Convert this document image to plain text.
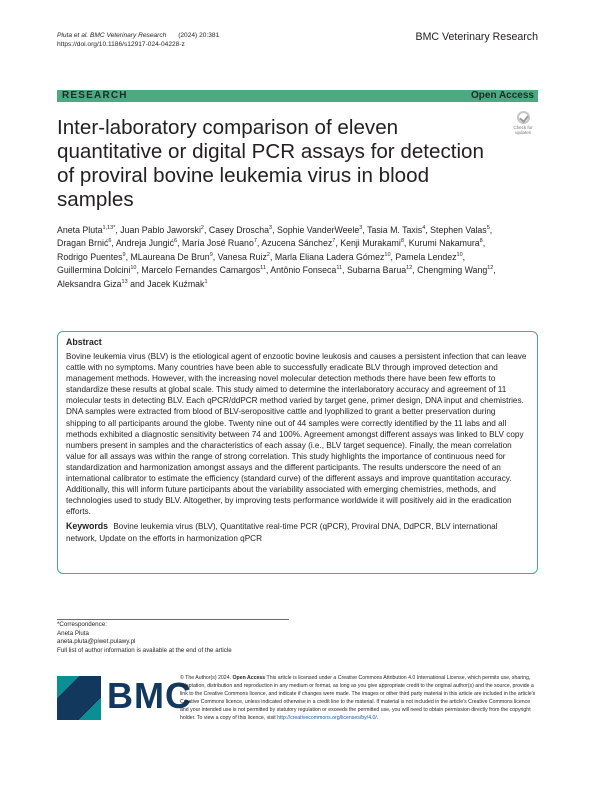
Pluta et al. BMC Veterinary Research (2024) 20:381
https://doi.org/10.1186/s12917-024-04228-z
BMC Veterinary Research
RESEARCH	Open Access
Check for
updates
Inter-laboratory comparison of eleven quantitative or digital PCR assays for detection of proviral bovine leukemia virus in blood samples
Aneta Pluta$^{1,13*}$, Juan Pablo Jaworski$^2$, Casey Droscha$^3$, Sophie VanderWeele$^3$, Tasia M. Taxis$^4$, Stephen Valas$^5$, Dragan Brnić$^6$, Andreja Jungić$^6$, María José Ruano$^7$, Azucena Sánchez$^7$, Kenji Murakami$^8$, Kurumi Nakamura$^8$, Rodrigo Puentes$^9$, MLaureana De Brun$^9$, Vanesa Ruiz$^2$, Marla Eliana Ladera Gómez$^{10}$, Pamela Lendez$^{10}$, Guillermina Dolcini$^{10}$, Marcelo Fernandes Camargos$^{11}$, Antônio Fonseca$^{11}$, Subarna Barua$^{12}$, Chengming Wang$^{12}$, Aleksandra Giza$^{13}$ and Jacek Kuźmak$^1$
Abstract

Bovine leukemia virus (BLV) is the etiological agent of enzootic bovine leukosis and causes a persistent infection that can leave cattle with no symptoms. Many countries have been able to successfully eradicate BLV through improved detection and management methods. However, with the increasing novel molecular detection methods there have been few efforts to standardize these results at global scale. This study aimed to determine the interlaboratory accuracy and agreement of 11 molecular tests in detecting BLV. Each qPCR/ddPCR method varied by target gene, primer design, DNA input and chemistries. DNA samples were extracted from blood of BLV-seropositive cattle and lyophilized to grant a better preservation during shipping to all participants around the globe. Twenty nine out of 44 samples were correctly identified by the 11 labs and all methods exhibited a diagnostic sensitivity between 74 and 100%. Agreement amongst different assays was linked to BLV copy numbers present in samples and the characteristics of each assay (i.e., BLV target sequence). Finally, the mean correlation value for all assays was within the range of strong correlation. This study highlights the importance of continuous need for standardization and harmonization amongst assays and the different participants. The results underscore the need of an international calibrator to estimate the efficiency (standard curve) of the different assays and improve quantitation accuracy. Additionally, this will inform future participants about the variability associated with emerging chemistries, methods, and technologies used to study BLV. Altogether, by improving tests performance worldwide it will positively aid in the eradication efforts.

Keywords Bovine leukemia virus (BLV), Quantitative real-time PCR (qPCR), Proviral DNA, DdPCR, BLV international network, Update on the efforts in harmonization qPCR

*Correspondence:
Aneta Pluta
aneta.pluta@piwet.pulawy.pl
Full list of author information is available at the end of the article
BMC
© The Author(s) 2024. Open Access This article is licensed under a Creative Commons Attribution 4.0 International License, which permits use, sharing, adaptation, distribution and reproduction in any medium or format, as long as you give appropriate credit to the original author(s) and the source, provide a link to the Creative Commons licence, and indicate if changes were made. The images or other third party material in this article are included in the article's Creative Commons licence, unless indicated otherwise in a credit line to the material. If material is not included in the article's Creative Commons licence and your intended use is not permitted by statutory regulation or exceeds the permitted use, you will need to obtain permission directly from the copyright holder. To view a copy of this licence, visit http://creativecommons.org/licenses/by/4.0/.
